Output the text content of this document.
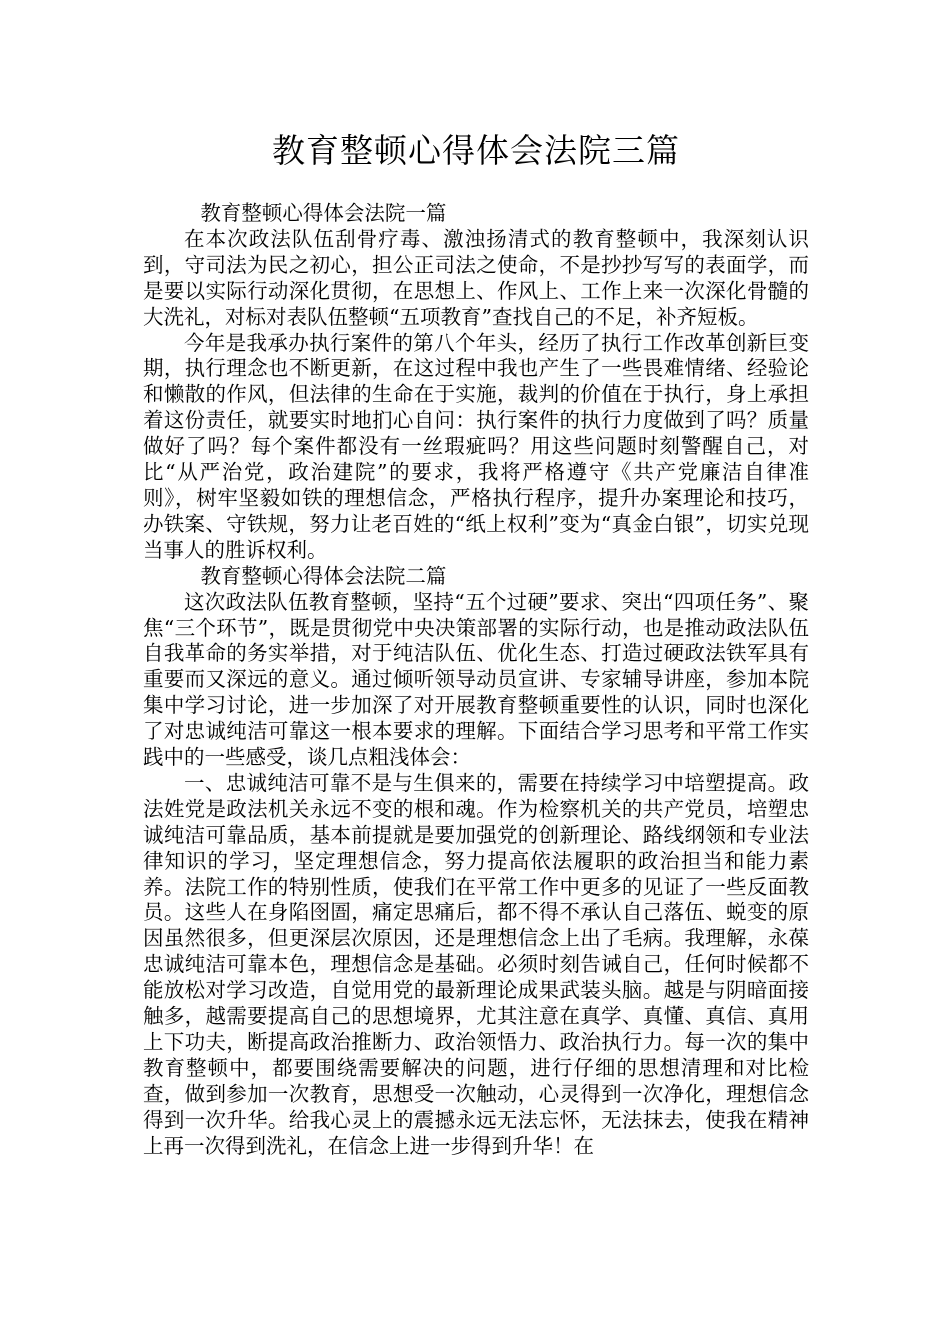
教育整顿心得体会法院三篇

教育整顿心得体会法院一篇

在本次政法队伍刮骨疗毒、激浊扬清式的教育整顿中，我深刻认识到，守司法为民之初心，担公正司法之使命，不是抄抄写写的表面学，而是要以实际行动深化贯彻，在思想上、作风上、工作上来一次深化骨髓的大洗礼，对标对表队伍整顿“五项教育”查找自己的不足，补齐短板。

今年是我承办执行案件的第八个年头，经历了执行工作改革创新巨变期，执行理念也不断更新，在这过程中我也产生了一些畏难情绪、经验论和懒散的作风，但法律的生命在于实施，裁判的价值在于执行，身上承担着这份责任，就要实时地扪心自问：执行案件的执行力度做到了吗？质量做好了吗？每个案件都没有一丝瑕疵吗？用这些问题时刻警醒自己，对比“从严治党，政治建院”的要求，我将严格遵守《共产党廉洁自律准则》，树牢坚毅如铁的理想信念，严格执行程序，提升办案理论和技巧，办铁案、守铁规，努力让老百姓的“纸上权利”变为“真金白银”，切实兑现当事人的胜诉权利。

教育整顿心得体会法院二篇

这次政法队伍教育整顿，坚持“五个过硬”要求、突出“四项任务”、聚焦“三个环节”，既是贯彻党中央决策部署的实际行动，也是推动政法队伍自我革命的务实举措，对于纯洁队伍、优化生态、打造过硬政法铁军具有重要而又深远的意义。通过倾听领导动员宣讲、专家辅导讲座，参加本院集中学习讨论，进一步加深了对开展教育整顿重要性的认识，同时也深化了对忠诚纯洁可靠这一根本要求的理解。下面结合学习思考和平常工作实践中的一些感受，谈几点粗浅体会：

一、忠诚纯洁可靠不是与生俱来的，需要在持续学习中培塑提高。政法姓党是政法机关永远不变的根和魂。作为检察机关的共产党员，培塑忠诚纯洁可靠品质，基本前提就是要加强党的创新理论、路线纲领和专业法律知识的学习，坚定理想信念，努力提高依法履职的政治担当和能力素养。法院工作的特别性质，使我们在平常工作中更多的见证了一些反面教员。这些人在身陷囹圄，痛定思痛后，都不得不承认自己落伍、蜕变的原因虽然很多，但更深层次原因，还是理想信念上出了毛病。我理解，永葆忠诚纯洁可靠本色，理想信念是基础。必须时刻告诫自己，任何时候都不能放松对学习改造，自觉用党的最新理论成果武装头脑。越是与阴暗面接触多，越需要提高自己的思想境界，尤其注意在真学、真懂、真信、真用上下功夫，断提高政治推断力、政治领悟力、政治执行力。每一次的集中教育整顿中，都要围绕需要解决的问题，进行仔细的思想清理和对比检查，做到参加一次教育，思想受一次触动，心灵得到一次净化，理想信念得到一次升华。给我心灵上的震撼永远无法忘怀，无法抹去，使我在精神上再一次得到洗礼，在信念上进一步得到升华！在
